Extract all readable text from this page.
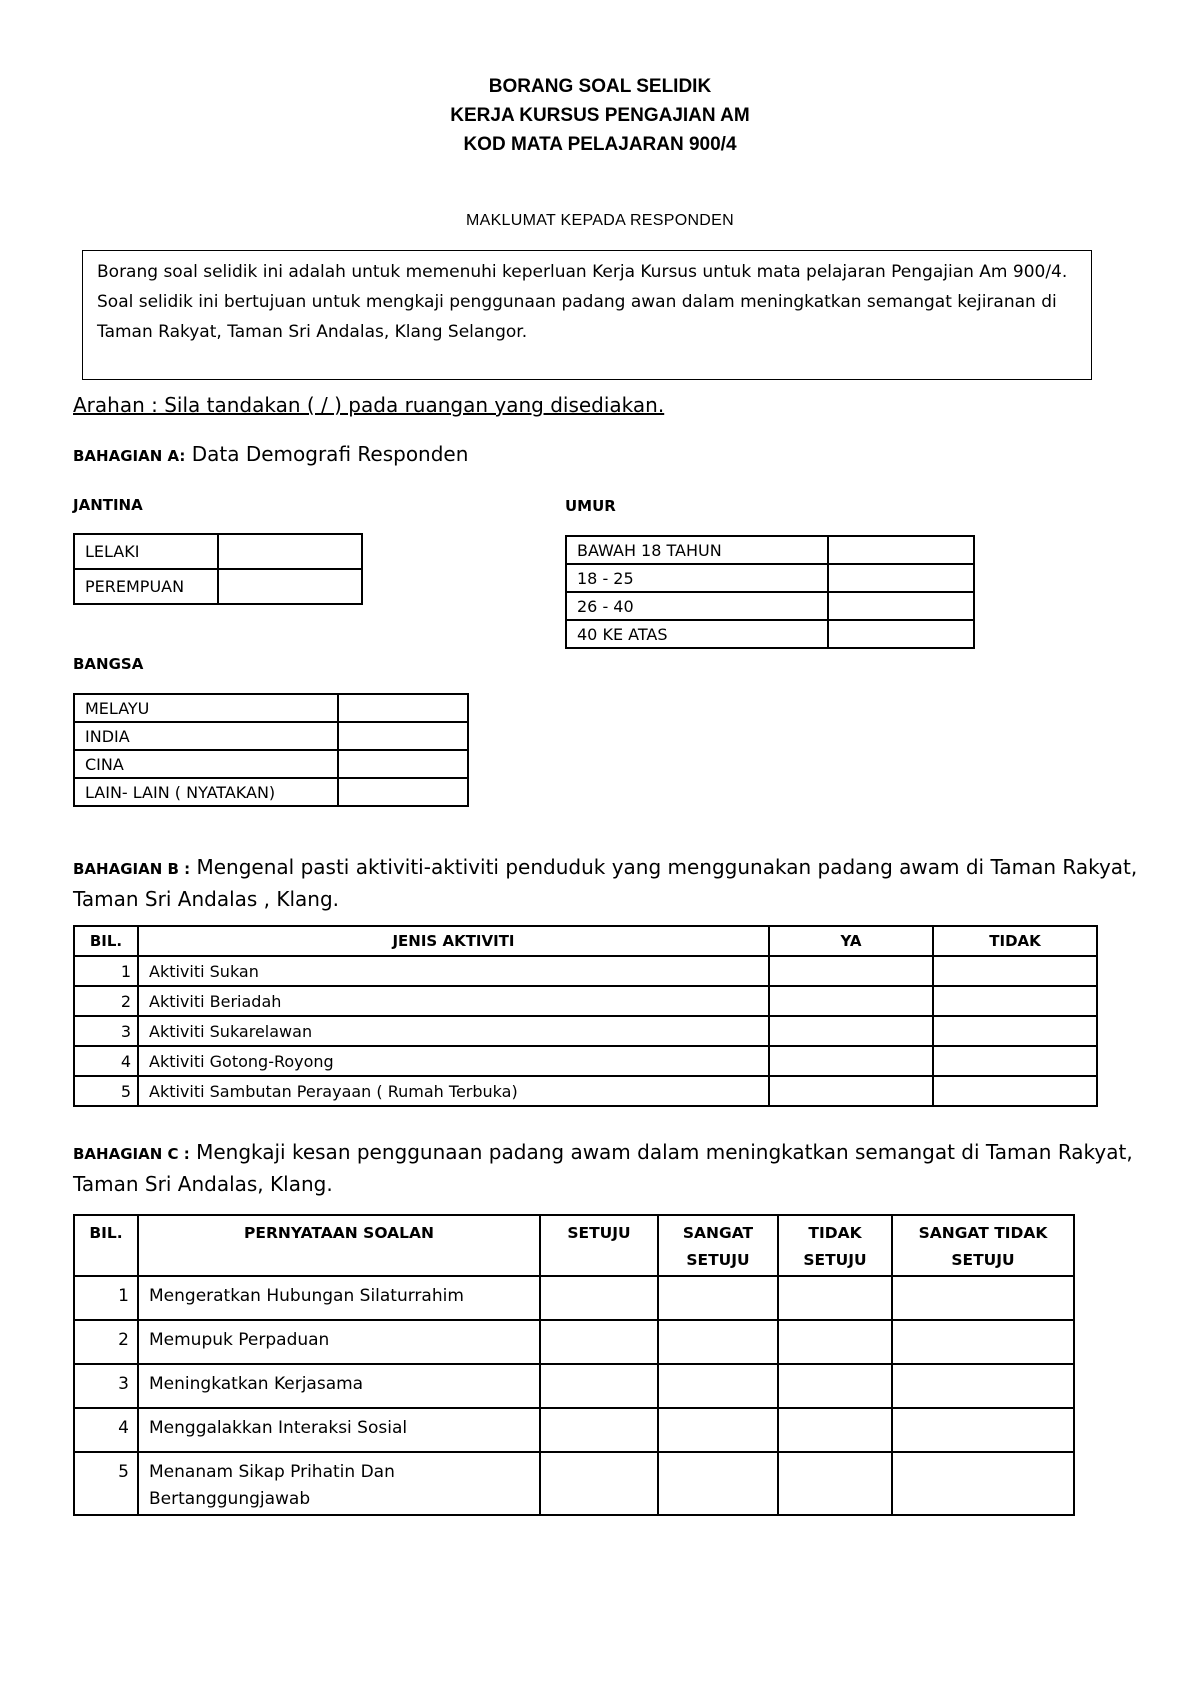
BORANG SOAL SELIDIK
KERJA KURSUS PENGAJIAN AM
KOD MATA PELAJARAN 900/4
MAKLUMAT KEPADA RESPONDEN
Borang soal selidik ini adalah untuk memenuhi keperluan Kerja Kursus untuk mata pelajaran Pengajian Am 900/4. Soal selidik ini bertujuan untuk mengkaji penggunaan padang awan dalam meningkatkan semangat kejiranan di Taman Rakyat, Taman Sri Andalas, Klang Selangor.
Arahan : Sila tandakan ( / ) pada ruangan yang disediakan.
BAHAGIAN A: Data Demografi Responden
JANTINA
LELAKI	
PEREMPUAN	
UMUR
BAWAH 18 TAHUN	
18 - 25	
26 - 40	
40 KE ATAS	
BANGSA
MELAYU	
INDIA	
CINA	
LAIN- LAIN ( NYATAKAN)	
BAHAGIAN B : Mengenal pasti aktiviti-aktiviti penduduk yang menggunakan padang awam di Taman Rakyat, Taman Sri Andalas , Klang.
BIL.	JENIS AKTIVITI	YA	TIDAK
1	Aktiviti Sukan		
2	Aktiviti Beriadah		
3	Aktiviti Sukarelawan		
4	Aktiviti Gotong-Royong		
5	Aktiviti Sambutan Perayaan ( Rumah Terbuka)		
BAHAGIAN C : Mengkaji kesan penggunaan padang awam dalam meningkatkan semangat di Taman Rakyat, Taman Sri Andalas, Klang.
BIL.	PERNYATAAN SOALAN	SETUJU	SANGAT SETUJU	TIDAK SETUJU	SANGAT TIDAK SETUJU
1	Mengeratkan Hubungan Silaturrahim				
2	Memupuk Perpaduan				
3	Meningkatkan Kerjasama				
4	Menggalakkan Interaksi Sosial				
5	Menanam Sikap Prihatin Dan Bertanggungjawab				
